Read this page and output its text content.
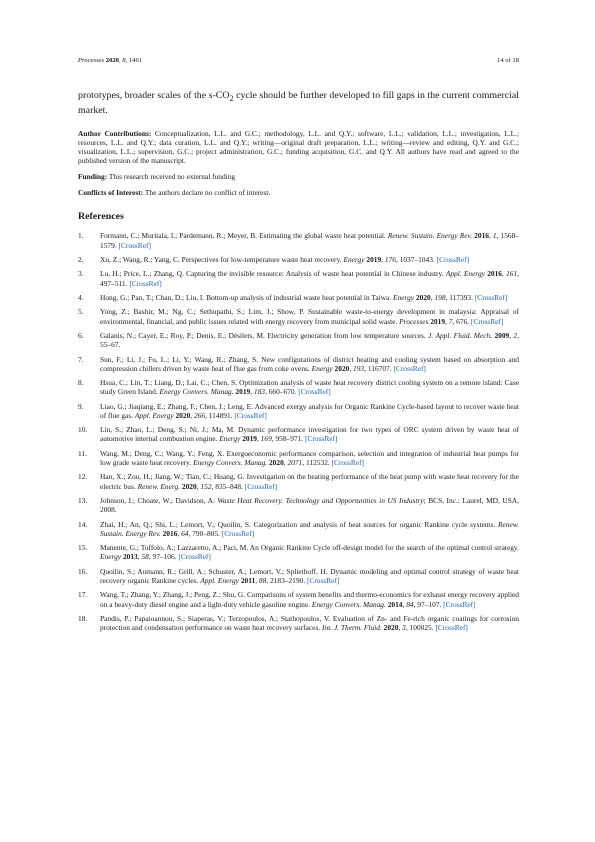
Processes 2020, 8, 1461	14 of 18

prototypes, broader scales of the $s-CO_2$ cycle should be further developed to fill gaps in the current commercial market.

Author Contributions: Conceptualization, L.L. and G.C.; methodology, L.L. and Q.Y.; software, L.L.; validation, L.L.; investigation, L.L.; resources, L.L. and Q.Y.; data curation, L.L. and Q.Y.; writing—original draft preparation, L.L.; writing—review and editing, Q.Y. and G.C.; visualization, L.L.; supervision, G.C.; project administration, G.C.; funding acquisition, G.C. and Q.Y. All authors have read and agreed to the published version of the manuscript.

Funding: This research received no external funding

Conflicts of Interest: The authors declare no conflict of interest.

References
1.	Formann, C.; Muritala, I.; Pardemann, R.; Meyer, B. Estimating the global waste heat potential. Renew. Sustain. Energy Rev. 2016, 1, 1568–1579. [CrossRef]
2.	Xu, Z.; Wang, R.; Yang, C. Perspectives for low-temperature waste heat recovery. Energy 2019, 176, 1037–1043. [CrossRef]
3.	Lu, H.; Price, L.; Zhang, Q. Capturing the invisible resource: Analysis of waste heat potential in Chinese industry. Appl. Energy 2016, 161, 497–511. [CrossRef]
4.	Hong, G.; Pan, T.; Chan, D.; Liu, I. Bottom-up analysis of industrial waste heat potential in Taiwa. Energy 2020, 198, 117393. [CrossRef]
5.	Yong, Z.; Bashir, M.; Ng, C.; Sethupathi, S.; Lim, J.; Show, P. Sustainable waste-to-energy development in malaysia: Appraisal of environmental, financial, and public issues related with energy recovery from municipal solid waste. Processes 2019, 7, 676. [CrossRef]
6.	Galanis, N.; Cayer, E.; Roy, P.; Denis, E.; Désilets, M. Electricity generation from low temperature sources. J. Appl. Fluid. Mech. 2009, 2, 55–67.
7.	Sun, F.; Li, J.; Fu, L.; Li, Y.; Wang, R.; Zhang, S. New configurations of district heating and cooling system based on absorption and compression chillers driven by waste heat of flue gas from coke ovens. Energy 2020, 193, 116707. [CrossRef]
8.	Hsua, C.; Lin, T.; Liang, D.; Lai, C.; Chen, S. Optimization analysis of waste heat recovery district cooling system on a remote island: Case study Green Island. Energy Convers. Manag. 2019, 183, 660–670. [CrossRef]
9.	Liao, G.; Jiaqiang, E.; Zhang, F.; Chen, J.; Leng, E. Advanced exergy analysis for Organic Rankine Cycle-based layout to recover waste heat of flue gas. Appl. Energy 2020, 266, 114891. [CrossRef]
10.	Lin, S.; Zhao, L.; Deng, S.; Ni, J.; Ma, M. Dynamic performance investigation for two types of ORC system driven by waste heat of automotive internal combustion engine. Energy 2019, 169, 958–971. [CrossRef]
11.	Wang, M.; Deng, C.; Wang, Y.; Feng, X. Exergoeconomic performance comparison, selection and integration of industrial heat pumps for low grade waste heat recovery. Energy Convers. Manag. 2020, 2071, 112532. [CrossRef]
12.	Han, X.; Zou, H.; Jiang, W.; Tian, C.; Huang, G. Investigation on the heating performance of the heat pump with waste heat recovery for the electric bus. Renew. Energ. 2020, 152, 835–848. [CrossRef]
13.	Johnson, I.; Choate, W.; Davidson, A. Waste Heat Recovery. Technology and Opportunities in US Industry; BCS, Inc.: Laurel, MD, USA, 2008.
14.	Zhai, H.; An, Q.; Shi, L.; Lemort, V.; Quoilin, S. Categorization and analysis of heat sources for organic Rankine cycle systems. Renew. Sustain. Energy Rev. 2016, 64, 790–805. [CrossRef]
15.	Manente, G.; Toffolo, A.; Lazzaretto, A.; Paci, M. An Organic Rankine Cycle off-design model for the search of the optimal control strategy. Energy 2013, 58, 97–106. [CrossRef]
16.	Quoilin, S.; Aumann, R.; Grill, A.; Schuster, A.; Lemort, V.; Spliethoff, H. Dynamic modeling and optimal control strategy of waste heat recovery organic Rankine cycles. Appl. Energy 2011, 88, 2183–2190. [CrossRef]
17.	Wang, T.; Zhang, Y.; Zhang, J.; Peng, Z.; Shu, G. Comparisons of system benefits and thermo-economics for exhaust energy recovery applied on a heavy-duty diesel engine and a light-duty vehicle gasoline engine. Energy Convers. Manag. 2014, 84, 97–107. [CrossRef]
18.	Pandis, P.; Papaioannou, S.; Siaperas, V.; Terzopoulos, A.; Stathopoulos, V. Evaluation of Zn- and Fe-rich organic coatings for corrosion protection and condensation performance on waste heat recovery surfaces. Int. J. Therm. Fluid. 2020, 3, 100025. [CrossRef]
